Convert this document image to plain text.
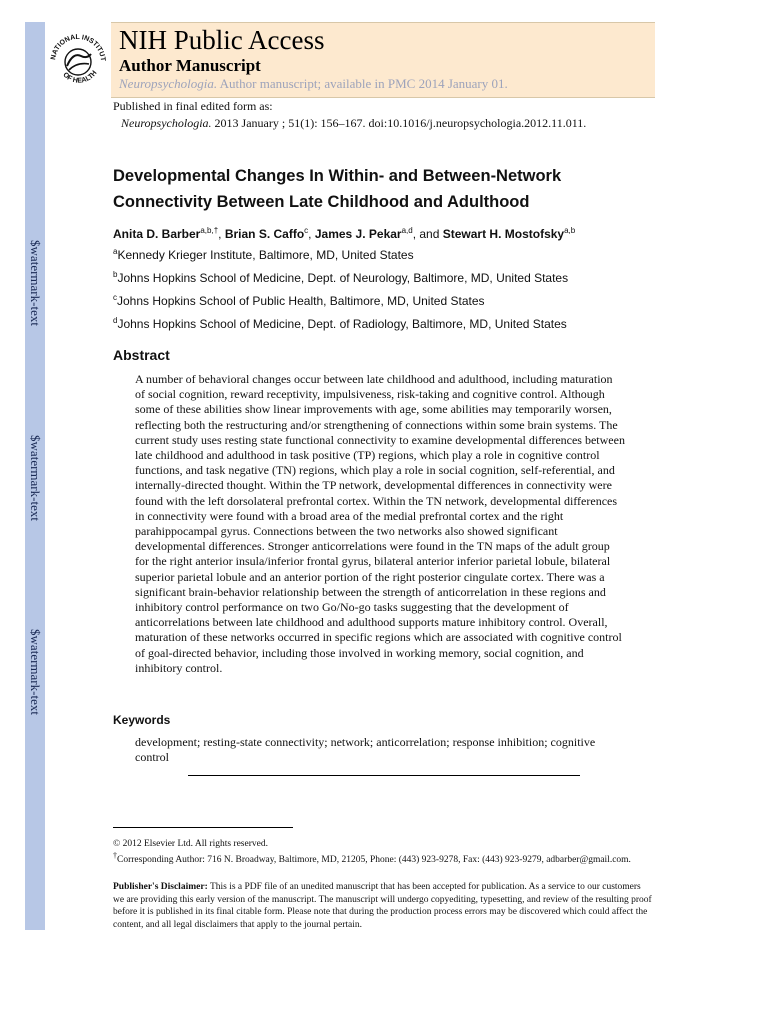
$watermark-text
$watermark-text
$watermark-text
NATIONAL INSTITUT
OF HEALTH
NIH Public Access
Author Manuscript
Neuropsychologia. Author manuscript; available in PMC 2014 January 01.
Published in final edited form as:
Neuropsychologia. 2013 January ; 51(1): 156–167. doi:10.1016/j.neuropsychologia.2012.11.011.
Developmental Changes In Within- and Between-Network
Connectivity Between Late Childhood and Adulthood
Anita D. Barber$^{a,b,\dagger}$, Brian S. Caffo$^c$, James J. Pekar$^{a,d}$, and Stewart H. Mostofsky$^{a,b}$
$^a$Kennedy Krieger Institute, Baltimore, MD, United States
$^b$Johns Hopkins School of Medicine, Dept. of Neurology, Baltimore, MD, United States
$^c$Johns Hopkins School of Public Health, Baltimore, MD, United States
$^d$Johns Hopkins School of Medicine, Dept. of Radiology, Baltimore, MD, United States
Abstract
A number of behavioral changes occur between late childhood and adulthood, including maturation of social cognition, reward receptivity, impulsiveness, risk-taking and cognitive control. Although some of these abilities show linear improvements with age, some abilities may temporarily worsen, reflecting both the restructuring and/or strengthening of connections within some brain systems. The current study uses resting state functional connectivity to examine developmental differences between late childhood and adulthood in task positive (TP) regions, which play a role in cognitive control functions, and task negative (TN) regions, which play a role in social cognition, self-referential, and internally-directed thought. Within the TP network, developmental differences in connectivity were found with the left dorsolateral prefrontal cortex. Within the TN network, developmental differences in connectivity were found with a broad area of the medial prefrontal cortex and the right parahippocampal gyrus. Connections between the two networks also showed significant developmental differences. Stronger anticorrelations were found in the TN maps of the adult group for the right anterior insula/inferior frontal gyrus, bilateral anterior inferior parietal lobule, bilateral superior parietal lobule and an anterior portion of the right posterior cingulate cortex. There was a significant brain-behavior relationship between the strength of anticorrelation in these regions and inhibitory control performance on two Go/No-go tasks suggesting that the development of anticorrelations between late childhood and adulthood supports mature inhibitory control. Overall, maturation of these networks occurred in specific regions which are associated with cognitive control of goal-directed behavior, including those involved in working memory, social cognition, and inhibitory control.
Keywords
development; resting-state connectivity; network; anticorrelation; response inhibition; cognitive control
© 2012 Elsevier Ltd. All rights reserved.
†Corresponding Author: 716 N. Broadway, Baltimore, MD, 21205, Phone: (443) 923-9278, Fax: (443) 923-9279, adbarber@gmail.com.
Publisher's Disclaimer: This is a PDF file of an unedited manuscript that has been accepted for publication. As a service to our customers we are providing this early version of the manuscript. The manuscript will undergo copyediting, typesetting, and review of the resulting proof before it is published in its final citable form. Please note that during the production process errors may be discovered which could affect the content, and all legal disclaimers that apply to the journal pertain.
